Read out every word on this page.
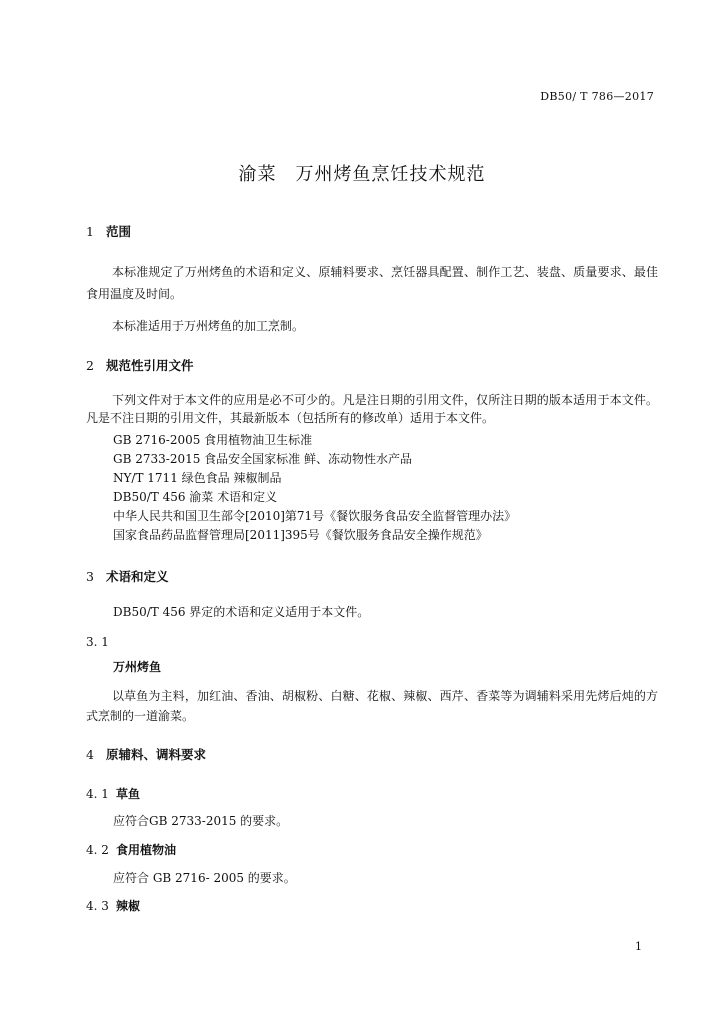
DB50/ T 786—2017
渝菜　万州烤鱼烹饪技术规范
1 范围
本标准规定了万州烤鱼的术语和定义、原辅料要求、烹饪器具配置、制作工艺、装盘、质量要求、最佳食用温度及时间。
本标准适用于万州烤鱼的加工烹制。
2 规范性引用文件
下列文件对于本文件的应用是必不可少的。凡是注日期的引用文件，仅所注日期的版本适用于本文件。凡是不注日期的引用文件，其最新版本（包括所有的修改单）适用于本文件。
GB 2716-2005 食用植物油卫生标准
GB 2733-2015 食品安全国家标准 鲜、冻动物性水产品
NY/T 1711 绿色食品 辣椒制品
DB50/T 456 渝菜 术语和定义
中华人民共和国卫生部令[2010]第71号《餐饮服务食品安全监督管理办法》
国家食品药品监督管理局[2011]395号《餐饮服务食品安全操作规范》
3 术语和定义
DB50/T 456 界定的术语和定义适用于本文件。
3. 1
万州烤鱼
以草鱼为主料，加红油、香油、胡椒粉、白糖、花椒、辣椒、西芹、香菜等为调辅料采用先烤后炖的方式烹制的一道渝菜。
4 原辅料、调料要求
4. 1 草鱼
应符合GB 2733-2015 的要求。
4. 2 食用植物油
应符合 GB 2716- 2005 的要求。
4. 3 辣椒
1
